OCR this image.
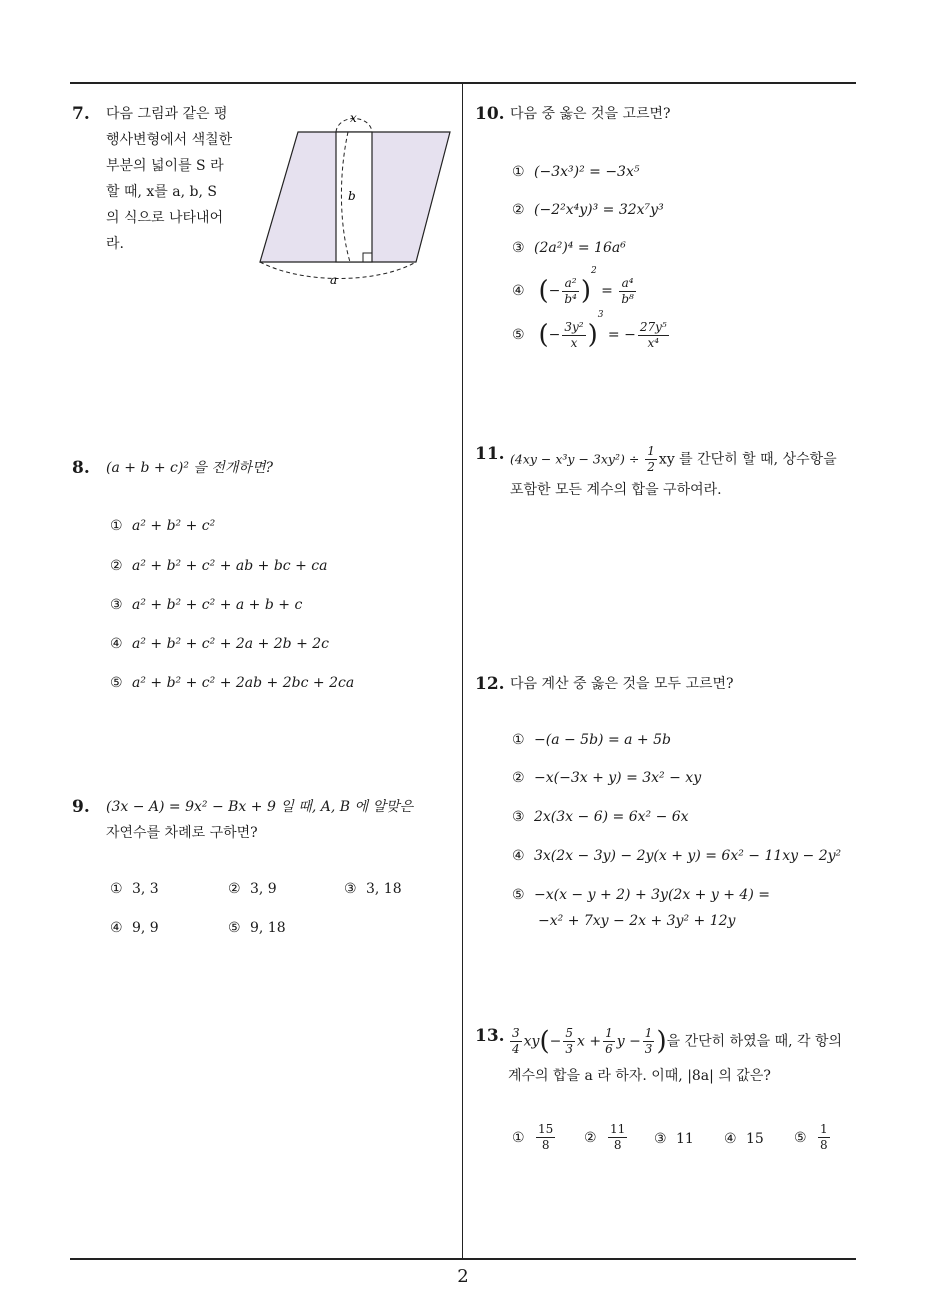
7. 다음 그림과 같은 평
행사변형에서 색칠한
부분의 넓이를 S 라
할 때, x를 a, b, S
의 식으로 나타내어
라.
x
b
a
8. (a + b + c)² 을 전개하면?
① a² + b² + c²
② a² + b² + c² + ab + bc + ca
③ a² + b² + c² + a + b + c
④ a² + b² + c² + 2a + 2b + 2c
⑤ a² + b² + c² + 2ab + 2bc + 2ca
9. (3x − A) = 9x² − Bx + 9 일 때, A, B 에 알맞은
자연수를 차례로 구하면?
① 3, 3	② 3, 9	③ 3, 18
④ 9, 9	⑤ 9, 18
10. 다음 중 옳은 것을 고르면?
① (−3x³)² = −3x⁵
② (−2²x⁴y)³ = 32x⁷y³
③ (2a²)⁴ = 16a⁶
④ (− $\frac{\text{a²}}{\text{b⁴}} )^2 = \frac{\text{a⁴}}{\text{b⁸}}$
⑤ (− $\frac{\text{3y²}}{x} )^3$ = − $\frac{\text{27y⁵}}{\text{x⁴}}$
11. $(4xy - x^3y - 3xy^2) \div \frac{1}{2}$ xy 를 간단히 할 때, 상수항을
포함한 모든 계수의 합을 구하여라.
12. 다음 계산 중 옳은 것을 모두 고르면?
① −(a − 5b) = a + 5b
② −x(−3x + y) = 3x² − xy
③ 2x(3x − 6) = 6x² − 6x
④ 3x(2x − 3y) − 2y(x + y) = 6x² − 11xy − 2y²
⑤ −x(x − y + 2) + 3y(2x + y + 4) =
−x² + 7xy − 2x + 3y² + 12y
13. $\frac{3}{4} xy(- \frac{5}{3}$ $x + \frac{1}{6}$ $y - \frac{1}{3}$ )을 간단히 하였을 때, 각 항의
계수의 합을 a 라 하자. 이때, |8a| 의 값은?
① $\frac{15}{8}$ ② $\frac{11}{8}$ ③ 11 ④ 15 ⑤ $\frac{1}{8}$
2
